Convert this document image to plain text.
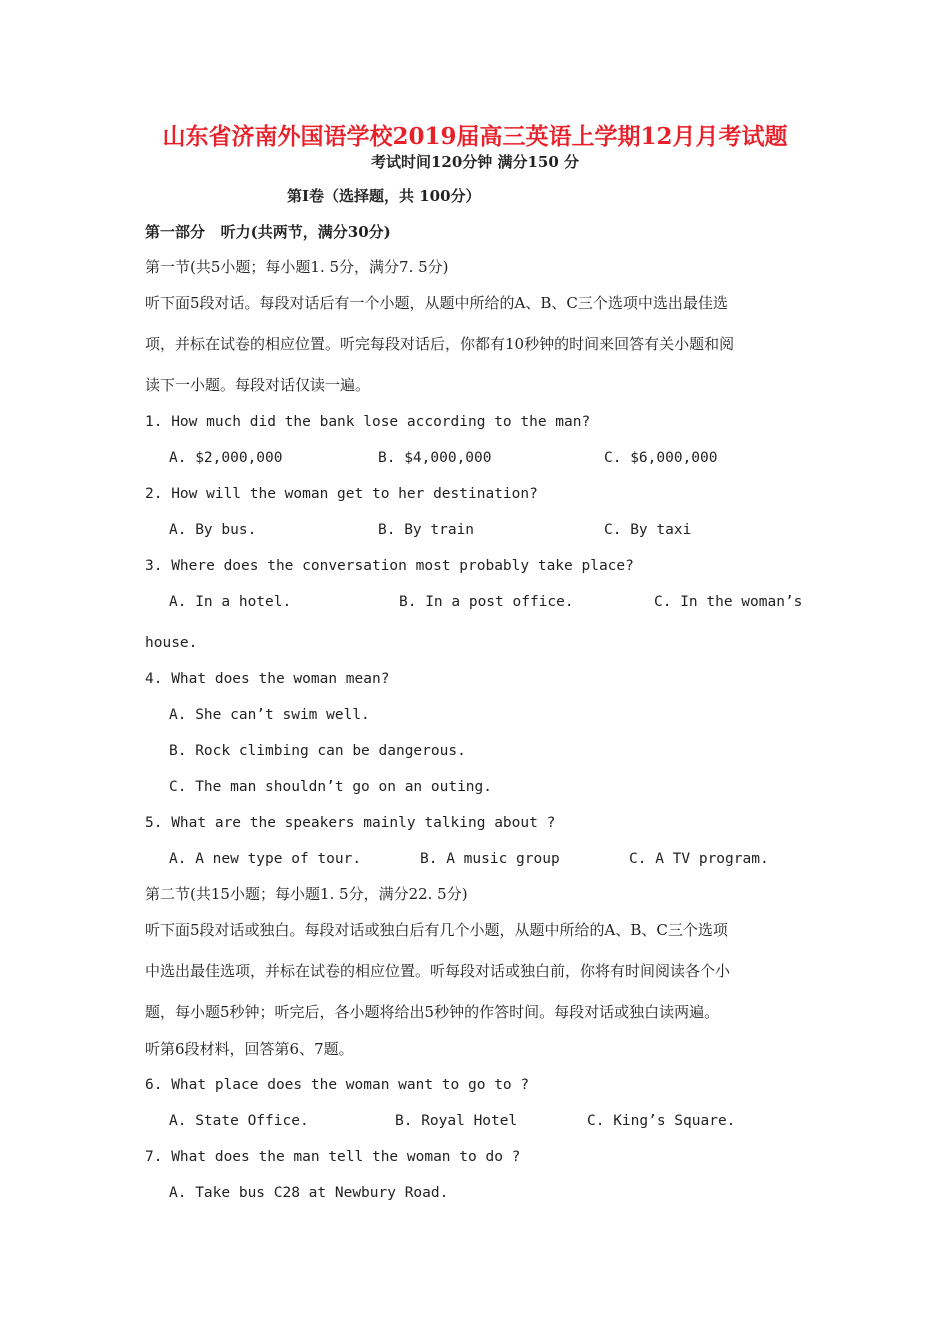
山东省济南外国语学校2019届高三英语上学期12月月考试题
考试时间120分钟 满分150 分
第Ⅰ卷（选择题，共 100分）
第一部分   听力(共两节，满分30分)
第一节(共5小题；每小题1. 5分，满分7. 5分)
听下面5段对话。每段对话后有一个小题，从题中所给的A、B、C三个选项中选出最佳选
项，并标在试卷的相应位置。听完每段对话后，你都有10秒钟的时间来回答有关小题和阅
读下一小题。每段对话仅读一遍。
1. How much did the bank lose according to the man?
A. $2,000,000	B. $4,000,000	C. $6,000,000
2. How will the woman get to her destination?
A. By bus.	B. By train	C. By taxi
3. Where does the conversation most probably take place?
A. In a hotel.	B. In a post office.	C. In the woman’s
house.
4. What does the woman mean?
A. She can’t swim well.
B. Rock climbing can be dangerous.
C. The man shouldn’t go on an outing.
5. What are the speakers mainly talking about ?
A. A new type of tour.	B. A music group	C. A TV program.
第二节(共15小题；每小题1. 5分，满分22. 5分)
听下面5段对话或独白。每段对话或独白后有几个小题，从题中所给的A、B、C三个选项
中选出最佳选项，并标在试卷的相应位置。听每段对话或独白前，你将有时间阅读各个小
题，每小题5秒钟；听完后，各小题将给出5秒钟的作答时间。每段对话或独白读两遍。
听第6段材料，回答第6、7题。
6. What place does the woman want to go to ?
A. State Office.	B. Royal Hotel	C. King’s Square.
7. What does the man tell the woman to do ?
A. Take bus C28 at Newbury Road.
